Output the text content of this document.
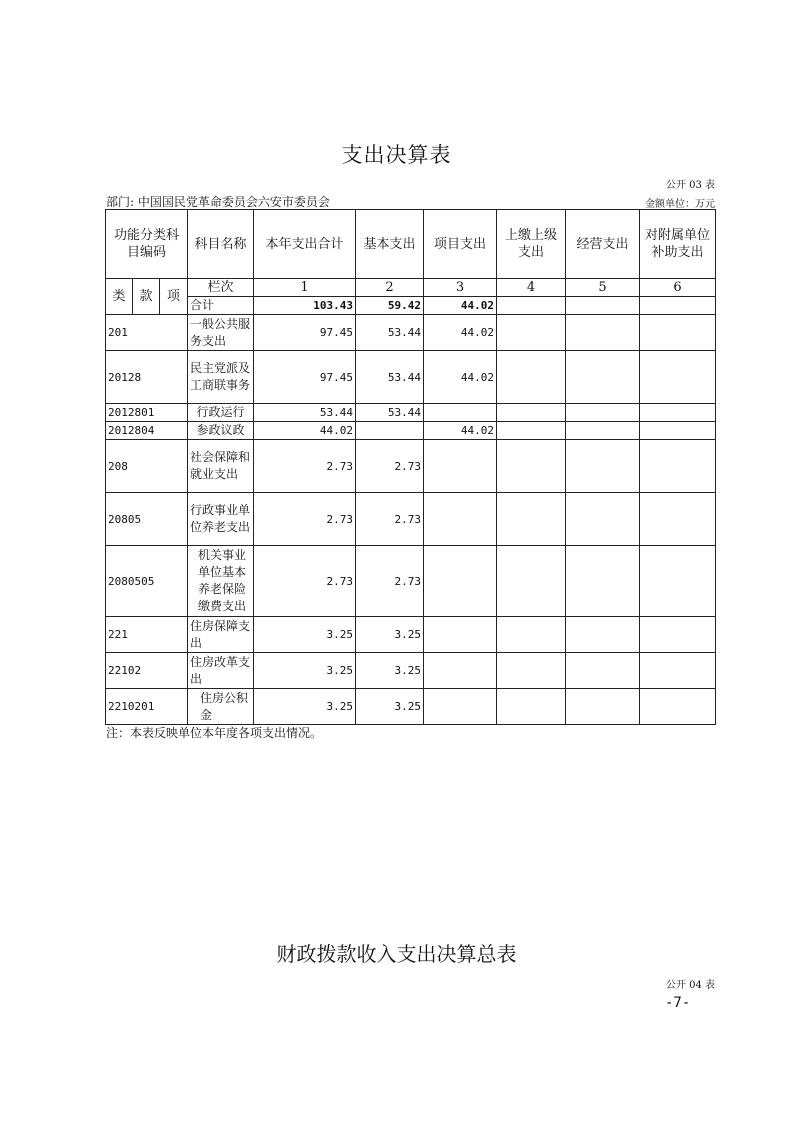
支出决算表
公开 03 表
部门: 中国国民党革命委员会六安市委员会	金额单位：万元
功能分类科目编码			科目名称	本年支出合计	基本支出	项目支出	上缴上级支出	经营支出	对附属单位补助支出
类	款	项	栏次	1	2	3	4	5	6
			合计	103.43	59.42	44.02			
201			一般公共服务支出	97.45	53.44	44.02			
20128			民主党派及工商联事务	97.45	53.44	44.02			
2012801			行政运行	53.44	53.44				
2012804			参政议政	44.02		44.02			
208			社会保障和就业支出	2.73	2.73				
20805			行政事业单位养老支出	2.73	2.73				
2080505			机关事业单位基本养老保险缴费支出	2.73	2.73				
221			住房保障支出	3.25	3.25				
22102			住房改革支出	3.25	3.25				
2210201			住房公积金	3.25	3.25				
注：本表反映单位本年度各项支出情况。
财政拨款收入支出决算总表
公开 04 表
-7-
